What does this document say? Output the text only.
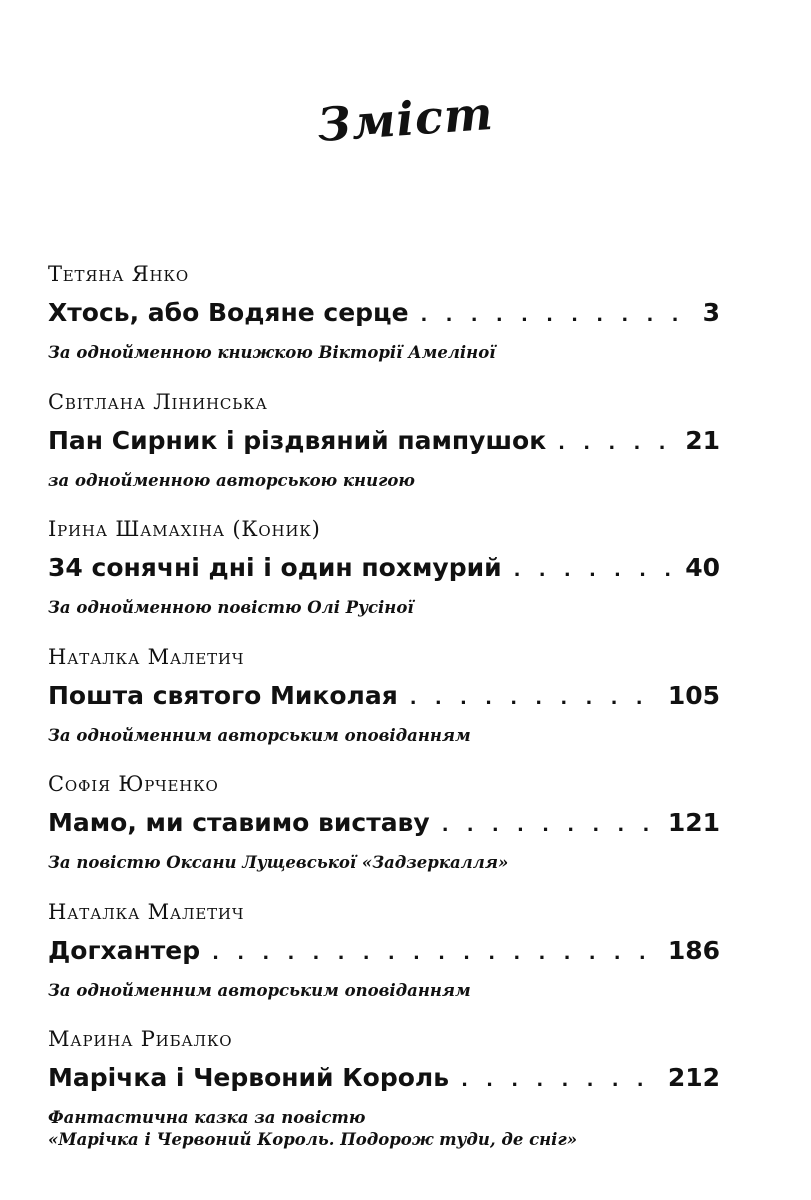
Зміст
Тетяна Янко
Хтось, або Водяне серце . . .	3
За однойменною книжкою Вікторії Амеліної
Світлана Лінинська
Пан Сирник і різдвяний пампушок . . .	21
за однойменною авторською книгою
Ірина Шамахіна (Коник)
34 сонячні дні і один похмурий . . .	40
За однойменною повістю Олі Русіної
Наталка Малетич
Пошта святого Миколая . . .	105
За однойменним авторським оповіданням
Софія Юрченко
Мамо, ми ставимо виставу . . .	121
За повістю Оксани Лущевської «Задзеркалля»
Наталка Малетич
Догхантер . . .	186
За однойменним авторським оповіданням
Марина Рибалко
Марічка і Червоний Король . . .	212
Фантастична казка за повістю
«Марічка і Червоний Король. Подорож туди, де сніг»
